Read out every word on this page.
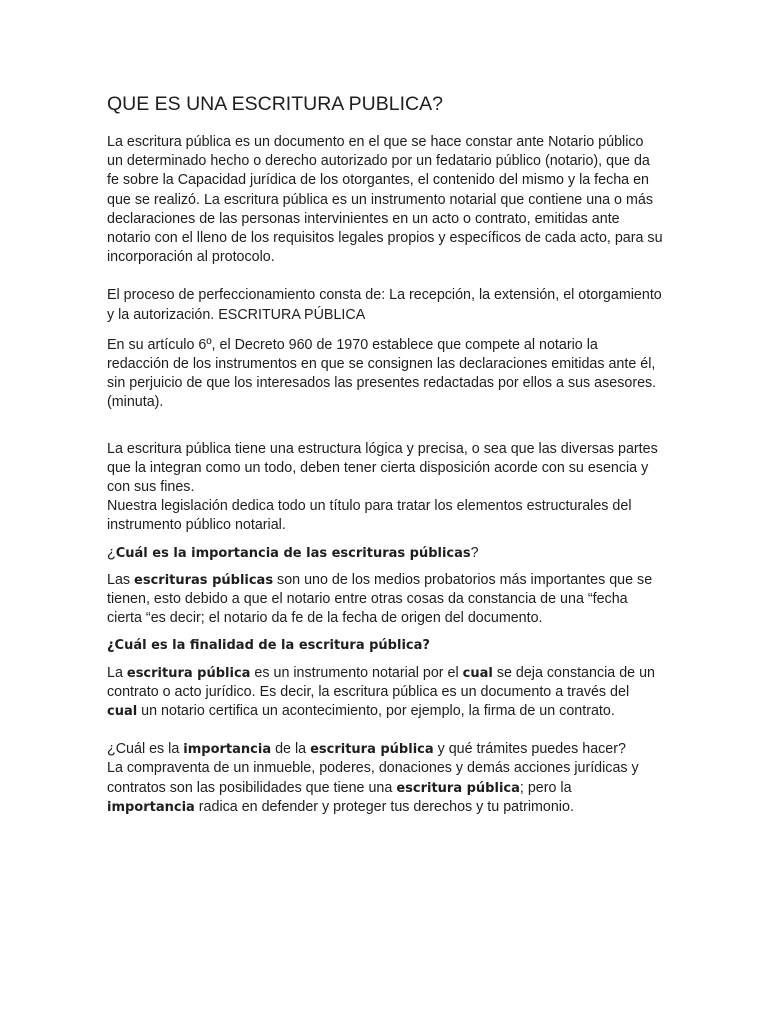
QUE ES UNA ESCRITURA PUBLICA?

La escritura pública es un documento en el que se hace constar ante Notario público un determinado hecho o derecho autorizado por un fedatario público (notario), que da fe sobre la Capacidad jurídica de los otorgantes, el contenido del mismo y la fecha en que se realizó. La escritura pública es un instrumento notarial que contiene una o más declaraciones de las personas intervinientes en un acto o contrato, emitidas ante notario con el lleno de los requisitos legales propios y específicos de cada acto, para su incorporación al protocolo.

El proceso de perfeccionamiento consta de: La recepción, la extensión, el otorgamiento y la autorización. ESCRITURA PÚBLICA

En su artículo 6º, el Decreto 960 de 1970 establece que compete al notario la redacción de los instrumentos en que se consignen las declaraciones emitidas ante él, sin perjuicio de que los interesados las presentes redactadas por ellos a sus asesores. (minuta).

La escritura pública tiene una estructura lógica y precisa, o sea que las diversas partes que la integran como un todo, deben tener cierta disposición acorde con su esencia y con sus fines.

Nuestra legislación dedica todo un título para tratar los elementos estructurales del instrumento público notarial.

¿Cuál es la importancia de las escrituras públicas?

Las escrituras públicas son uno de los medios probatorios más importantes que se tienen, esto debido a que el notario entre otras cosas da constancia de una “fecha cierta “es decir; el notario da fe de la fecha de origen del documento.

¿Cuál es la finalidad de la escritura pública?

La escritura pública es un instrumento notarial por el cual se deja constancia de un contrato o acto jurídico. Es decir, la escritura pública es un documento a través del cual un notario certifica un acontecimiento, por ejemplo, la firma de un contrato.

¿Cuál es la importancia de la escritura pública y qué trámites puedes hacer?

La compraventa de un inmueble, poderes, donaciones y demás acciones jurídicas y contratos son las posibilidades que tiene una escritura pública; pero la importancia radica en defender y proteger tus derechos y tu patrimonio.
